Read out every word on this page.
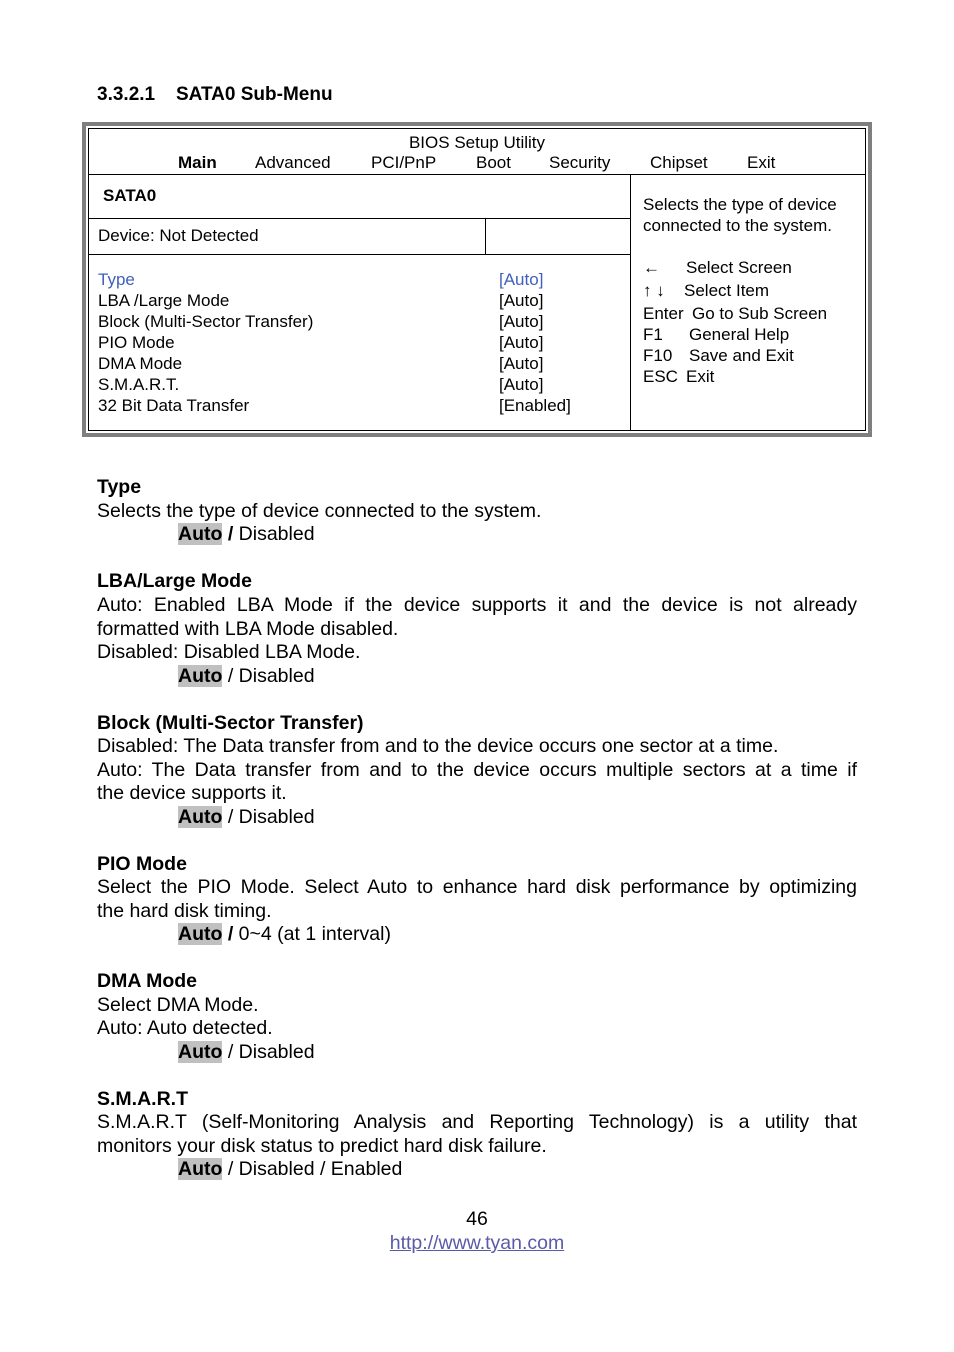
3.3.2.1 SATA0 Sub-Menu
BIOS Setup Utility
Main Advanced PCI/PnP Boot Security Chipset Exit
SATA0
Device: Not Detected
Type	[Auto]
LBA /Large Mode	[Auto]
Block (Multi-Sector Transfer)	[Auto]
PIO Mode	[Auto]
DMA Mode	[Auto]
S.M.A.R.T.	[Auto]
32 Bit Data Transfer	[Enabled]
Selects the type of device
connected to the system.
← Select Screen
↑ ↓ Select Item
Enter Go to Sub Screen
F1 General Help
F10 Save and Exit
ESC Exit
Type
Selects the type of device connected to the system.
Auto / Disabled
LBA/Large Mode
Auto: Enabled LBA Mode if the device supports it and the device is not already
formatted with LBA Mode disabled.
Disabled: Disabled LBA Mode.
Auto / Disabled
Block (Multi-Sector Transfer)
Disabled: The Data transfer from and to the device occurs one sector at a time.
Auto: The Data transfer from and to the device occurs multiple sectors at a time if
the device supports it.
Auto / Disabled
PIO Mode
Select the PIO Mode. Select Auto to enhance hard disk performance by optimizing
the hard disk timing.
Auto / 0~4 (at 1 interval)
DMA Mode
Select DMA Mode.
Auto: Auto detected.
Auto / Disabled
S.M.A.R.T
S.M.A.R.T (Self-Monitoring Analysis and Reporting Technology) is a utility that
monitors your disk status to predict hard disk failure.
Auto / Disabled / Enabled
46
http://www.tyan.com
